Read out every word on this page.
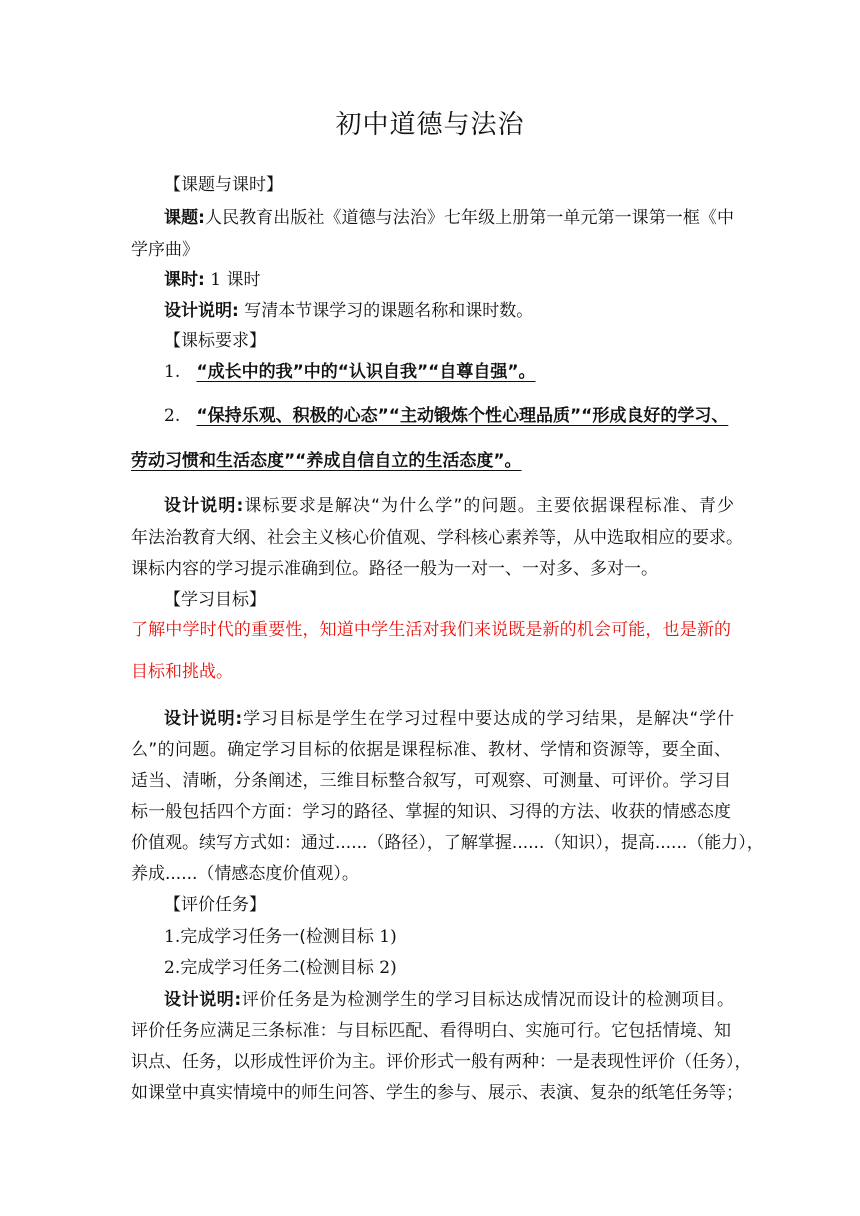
初中道德与法治
【课题与课时】
课题:人民教育出版社《道德与法治》七年级上册第一单元第一课第一框《中
学序曲》
课时: 1 课时
设计说明: 写清本节课学习的课题名称和课时数。
【课标要求】
1. “成长中的我”中的“认识自我”“自尊自强”。
2. “保持乐观、积极的心态”“主动锻炼个性心理品质”“形成良好的学习、
劳动习惯和生活态度”“养成自信自立的生活态度”。
设计说明:课标要求是解决“为什么学”的问题。主要依据课程标准、青少
年法治教育大纲、社会主义核心价值观、学科核心素养等，从中选取相应的要求。
课标内容的学习提示准确到位。路径一般为一对一、一对多、多对一。
【学习目标】
了解中学时代的重要性，知道中学生活对我们来说既是新的机会可能，也是新的
目标和挑战。
设计说明:学习目标是学生在学习过程中要达成的学习结果，是解决“学什
么”的问题。确定学习目标的依据是课程标准、教材、学情和资源等，要全面、
适当、清晰，分条阐述，三维目标整合叙写，可观察、可测量、可评价。学习目
标一般包括四个方面：学习的路径、掌握的知识、习得的方法、收获的情感态度
价值观。续写方式如：通过......（路径），了解掌握......（知识），提高......（能力），
养成......（情感态度价值观）。
【评价任务】
1.完成学习任务一(检测目标 1)
2.完成学习任务二(检测目标 2)
设计说明:评价任务是为检测学生的学习目标达成情况而设计的检测项目。
评价任务应满足三条标准：与目标匹配、看得明白、实施可行。它包括情境、知
识点、任务，以形成性评价为主。评价形式一般有两种：一是表现性评价（任务），
如课堂中真实情境中的师生问答、学生的参与、展示、表演、复杂的纸笔任务等；
